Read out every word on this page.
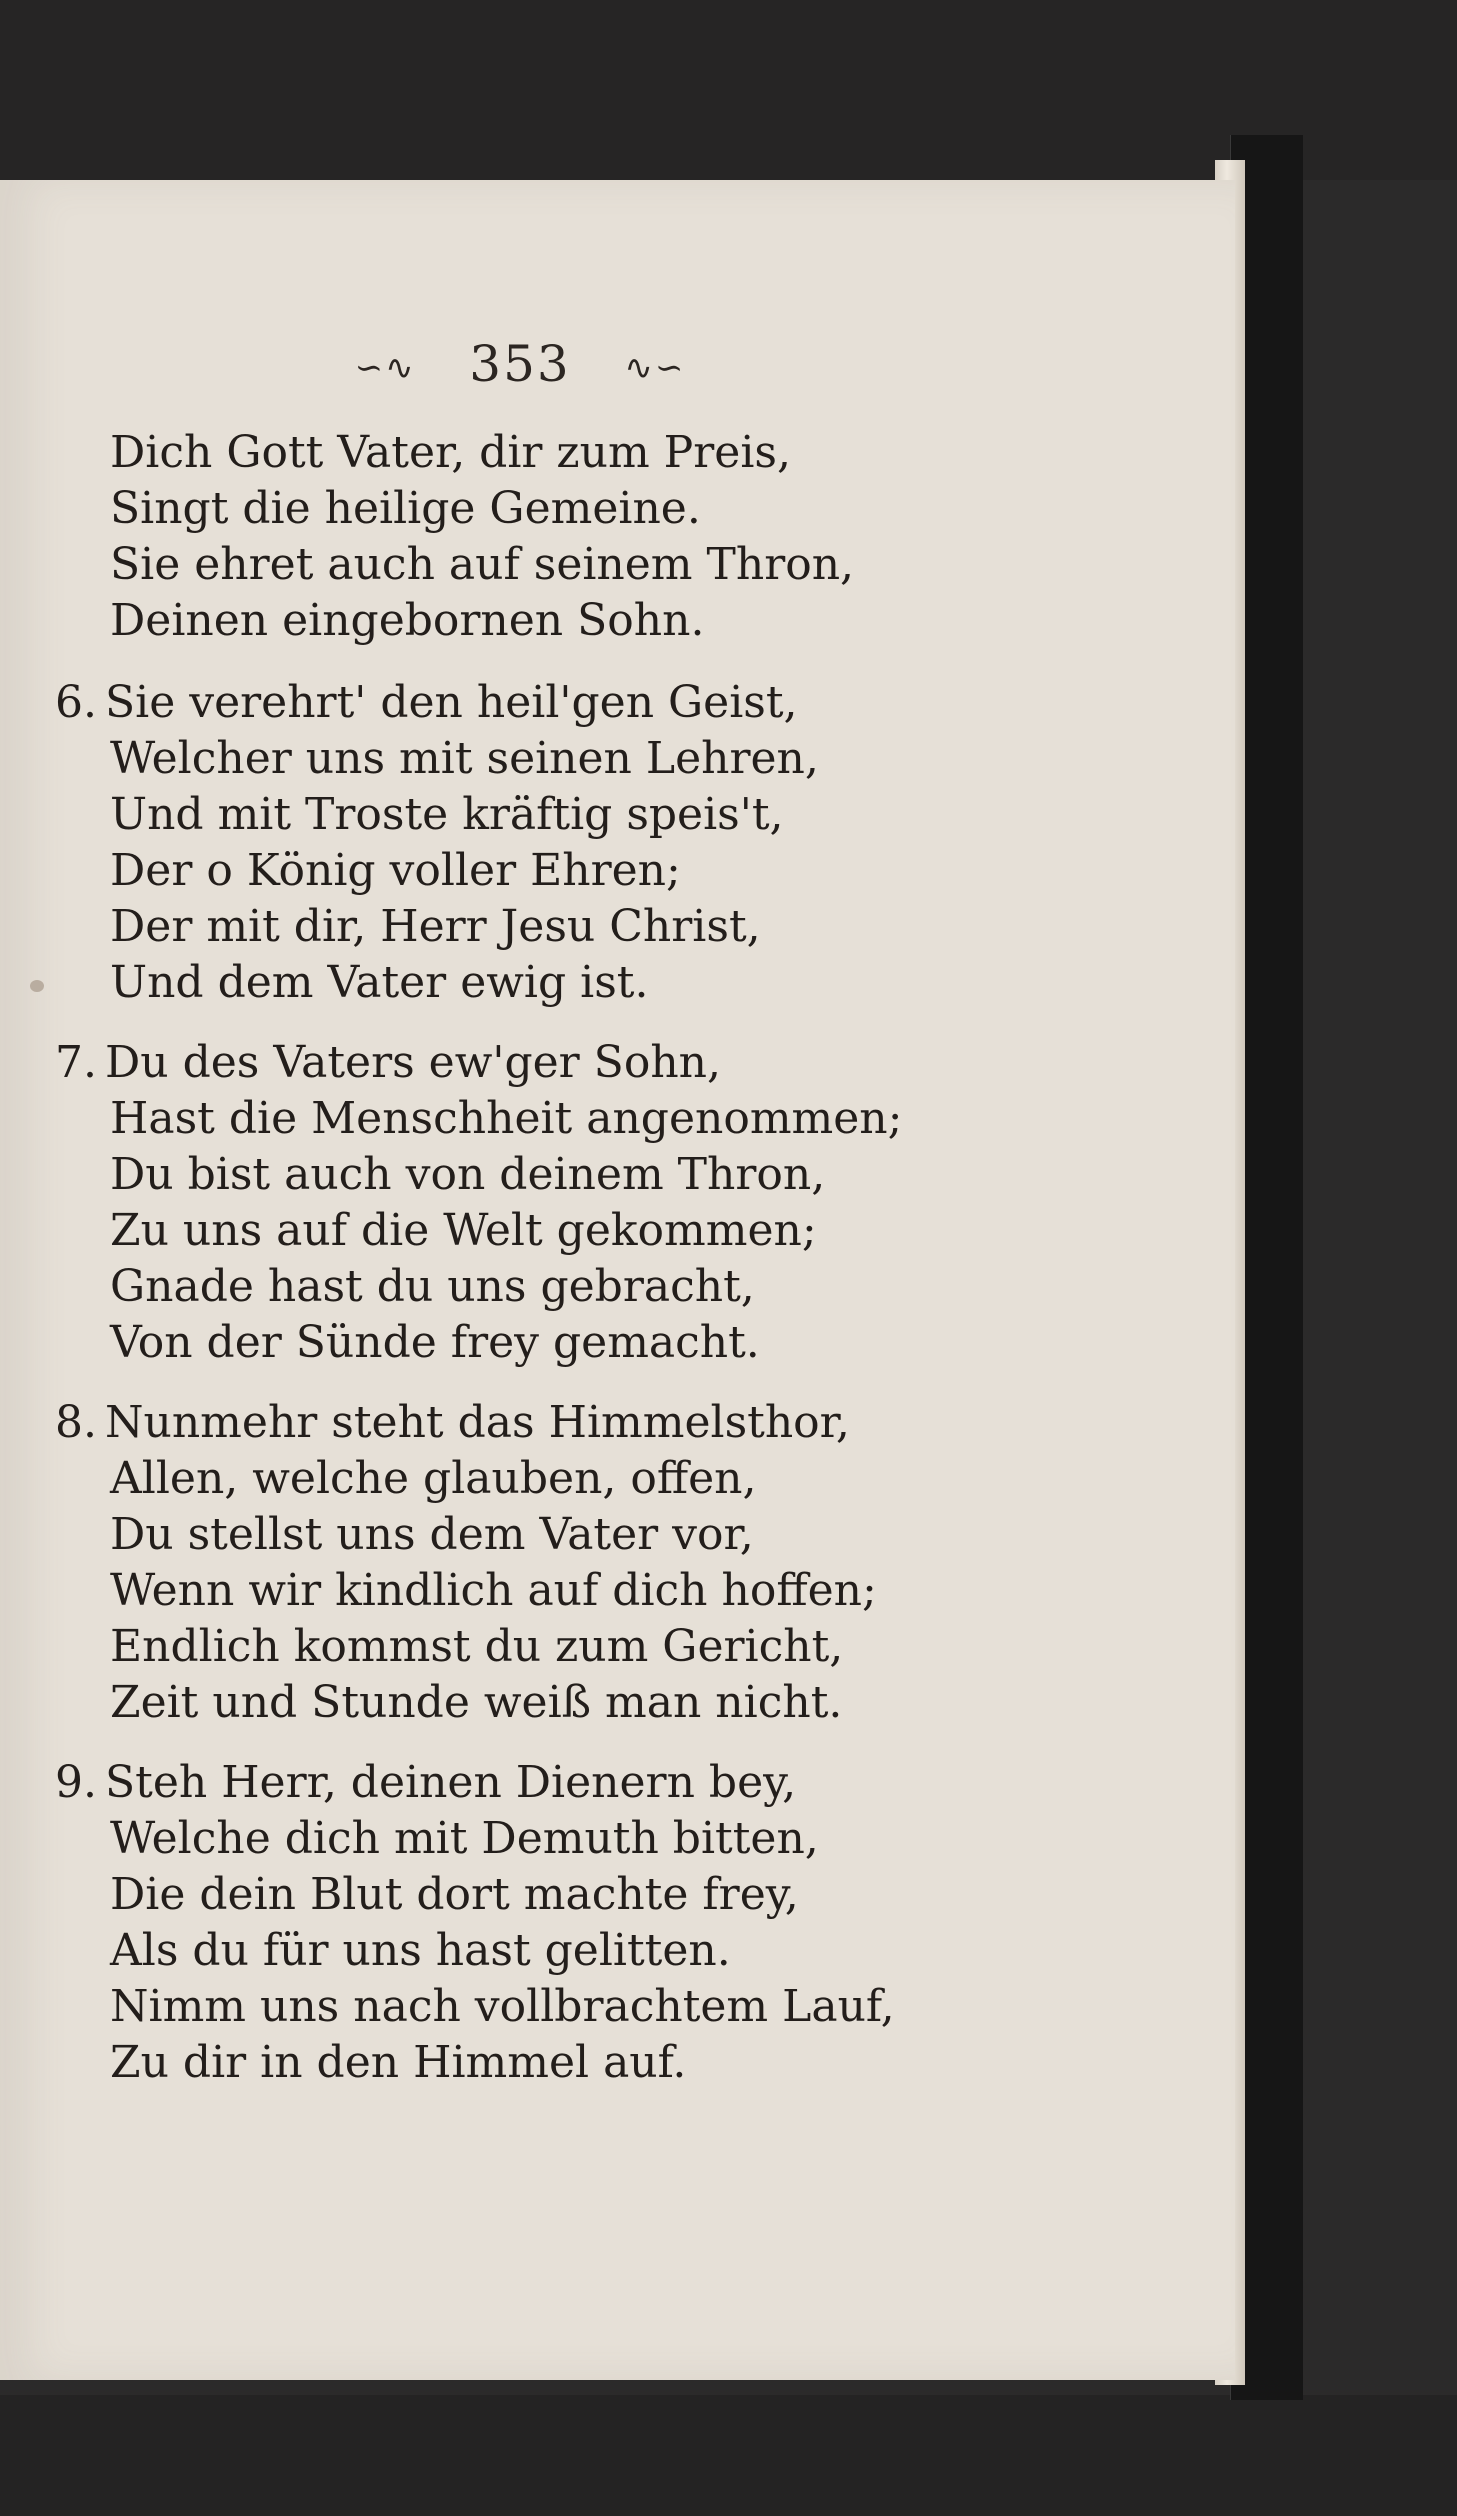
∽∿ 353 ∿∽
Dich Gott Vater, dir zum Preis,
Singt die heilige Gemeine.
Sie ehret auch auf seinem Thron,
Deinen eingebornen Sohn.
6. Sie verehrt' den heil'gen Geist,
Welcher uns mit seinen Lehren,
Und mit Troste kräftig speis't,
Der o König voller Ehren;
Der mit dir, Herr Jesu Christ,
Und dem Vater ewig ist.
7. Du des Vaters ew'ger Sohn,
Hast die Menschheit angenommen;
Du bist auch von deinem Thron,
Zu uns auf die Welt gekommen;
Gnade hast du uns gebracht,
Von der Sünde frey gemacht.
8. Nunmehr steht das Himmelsthor,
Allen, welche glauben, offen,
Du stellst uns dem Vater vor,
Wenn wir kindlich auf dich hoffen;
Endlich kommst du zum Gericht,
Zeit und Stunde weiß man nicht.
9. Steh Herr, deinen Dienern bey,
Welche dich mit Demuth bitten,
Die dein Blut dort machte frey,
Als du für uns hast gelitten.
Nimm uns nach vollbrachtem Lauf,
Zu dir in den Himmel auf.
